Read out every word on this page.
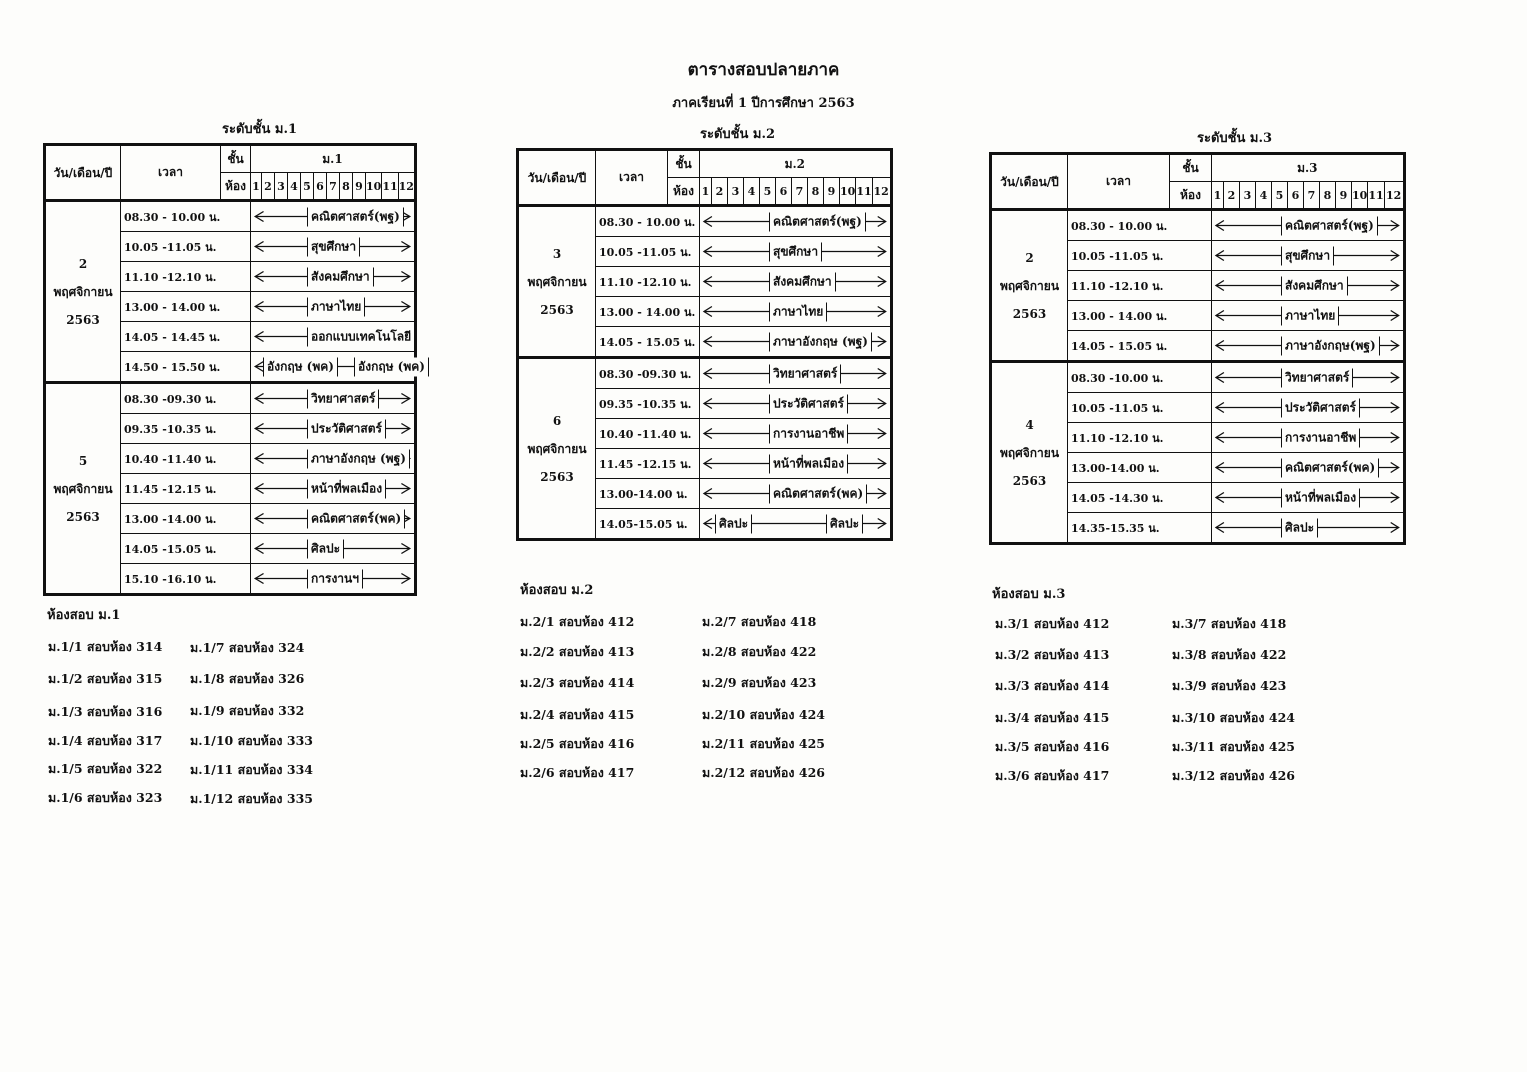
ตารางสอบปลายภาค
ภาคเรียนที่ 1 ปีการศึกษา 2563
ระดับชั้น ม.1
วัน/เดือน/ปี	เวลา	ชั้น	ม.1											
		ห้อง	1	2	3	4	5	6	7	8	9	10	11	12

2
พฤศจิกายน
2563	08.30 - 10.00 น.		คณิตศาสตร์(พฐ)											

	10.05 -11.05 น.		สุขศึกษา											

	11.10 -12.10 น.		สังคมศึกษา											

	13.00 - 14.00 น.		ภาษาไทย											

	14.05 - 14.45 น.		ออกแบบเทคโนโลยี											

	14.50 - 15.50 น.		อังกฤษ (พค) อังกฤษ (พค)											

5
พฤศจิกายน
2563	08.30 -09.30 น.		วิทยาศาสตร์											

	09.35 -10.35 น.		ประวัติศาสตร์											

	10.40 -11.40 น.		ภาษาอังกฤษ (พฐ)											

	11.45 -12.15 น.		หน้าที่พลเมือง											

	13.00 -14.00 น.		คณิตศาสตร์(พค)											

	14.05 -15.05 น.		ศิลปะ											

	15.10 -16.10 น.		การงานฯ											
ห้องสอบ ม.1
ม.1/1 สอบห้อง 314
ม.1/2 สอบห้อง 315
ม.1/3 สอบห้อง 316
ม.1/4 สอบห้อง 317
ม.1/5 สอบห้อง 322
ม.1/6 สอบห้อง 323
ม.1/7 สอบห้อง 324
ม.1/8 สอบห้อง 326
ม.1/9 สอบห้อง 332
ม.1/10 สอบห้อง 333
ม.1/11 สอบห้อง 334
ม.1/12 สอบห้อง 335
ระดับชั้น ม.2
วัน/เดือน/ปี	เวลา	ชั้น	ม.2											
		ห้อง	1	2	3	4	5	6	7	8	9	10	11	12

3
พฤศจิกายน
2563	08.30 - 10.00 น.		คณิตศาสตร์(พฐ)											

	10.05 -11.05 น.		สุขศึกษา											

	11.10 -12.10 น.		สังคมศึกษา											

	13.00 - 14.00 น.		ภาษาไทย											

	14.05 - 15.05 น.		ภาษาอังกฤษ (พฐ)											

6
พฤศจิกายน
2563	08.30 -09.30 น.		วิทยาศาสตร์											

	09.35 -10.35 น.		ประวัติศาสตร์											

	10.40 -11.40 น.		การงานอาชีพ											

	11.45 -12.15 น.		หน้าที่พลเมือง											

	13.00-14.00 น.		คณิตศาสตร์(พค)											

	14.05-15.05 น.		ศิลปะ ศิลปะ											
ห้องสอบ ม.2
ม.2/1 สอบห้อง 412
ม.2/2 สอบห้อง 413
ม.2/3 สอบห้อง 414
ม.2/4 สอบห้อง 415
ม.2/5 สอบห้อง 416
ม.2/6 สอบห้อง 417
ม.2/7 สอบห้อง 418
ม.2/8 สอบห้อง 422
ม.2/9 สอบห้อง 423
ม.2/10 สอบห้อง 424
ม.2/11 สอบห้อง 425
ม.2/12 สอบห้อง 426
ระดับชั้น ม.3
วัน/เดือน/ปี	เวลา	ชั้น	ม.3											
		ห้อง	1	2	3	4	5	6	7	8	9	10	11	12

2
พฤศจิกายน
2563	08.30 - 10.00 น.		คณิตศาสตร์(พฐ)											

	10.05 -11.05 น.		สุขศึกษา											

	11.10 -12.10 น.		สังคมศึกษา											

	13.00 - 14.00 น.		ภาษาไทย											

	14.05 - 15.05 น.		ภาษาอังกฤษ(พฐ)											

4
พฤศจิกายน
2563	08.30 -10.00 น.		วิทยาศาสตร์											

	10.05 -11.05 น.		ประวัติศาสตร์											

	11.10 -12.10 น.		การงานอาชีพ											

	13.00-14.00 น.		คณิตศาสตร์(พค)											

	14.05 -14.30 น.		หน้าที่พลเมือง											

	14.35-15.35 น.		ศิลปะ											
ห้องสอบ ม.3
ม.3/1 สอบห้อง 412
ม.3/2 สอบห้อง 413
ม.3/3 สอบห้อง 414
ม.3/4 สอบห้อง 415
ม.3/5 สอบห้อง 416
ม.3/6 สอบห้อง 417
ม.3/7 สอบห้อง 418
ม.3/8 สอบห้อง 422
ม.3/9 สอบห้อง 423
ม.3/10 สอบห้อง 424
ม.3/11 สอบห้อง 425
ม.3/12 สอบห้อง 426
